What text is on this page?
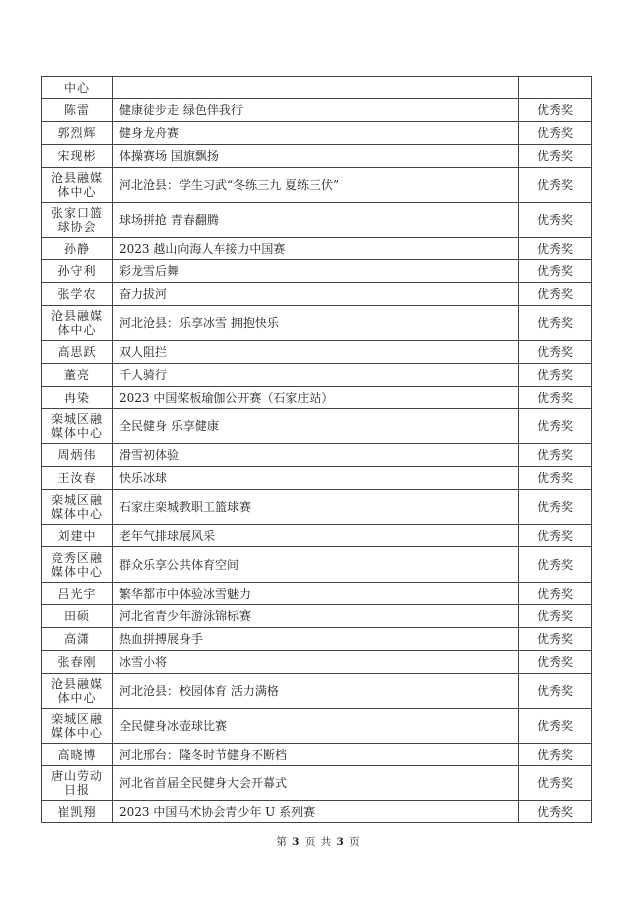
中心		
陈雷	健康徒步走 绿色伴我行	优秀奖
郭烈辉	健身龙舟赛	优秀奖
宋现彬	体操赛场 国旗飘扬	优秀奖
沧县融媒体中心	河北沧县：学生习武“冬练三九 夏练三伏”	优秀奖
张家口篮球协会	球场拼抢 青春翻腾	优秀奖
孙静	2023 越山向海人车接力中国赛	优秀奖
孙守利	彩龙雪后舞	优秀奖
张学农	奋力拔河	优秀奖
沧县融媒体中心	河北沧县：乐享冰雪 拥抱快乐	优秀奖
高思跃	双人阻拦	优秀奖
董亮	千人骑行	优秀奖
冉染	2023 中国桨板瑜伽公开赛（石家庄站）	优秀奖
栾城区融媒体中心	全民健身 乐享健康	优秀奖
周炳伟	滑雪初体验	优秀奖
王汝春	快乐冰球	优秀奖
栾城区融媒体中心	石家庄栾城教职工篮球赛	优秀奖
刘建中	老年气排球展风采	优秀奖
竞秀区融媒体中心	群众乐享公共体育空间	优秀奖
吕光宇	繁华都市中体验冰雪魅力	优秀奖
田硕	河北省青少年游泳锦标赛	优秀奖
高潇	热血拼搏展身手	优秀奖
张春刚	冰雪小将	优秀奖
沧县融媒体中心	河北沧县：校园体育 活力满格	优秀奖
栾城区融媒体中心	全民健身冰壶球比赛	优秀奖
高晓博	河北邢台：隆冬时节健身不断档	优秀奖
唐山劳动日报	河北省首届全民健身大会开幕式	优秀奖
崔凯翔	2023 中国马术协会青少年 U 系列赛	优秀奖
第 3 页 共 3 页
